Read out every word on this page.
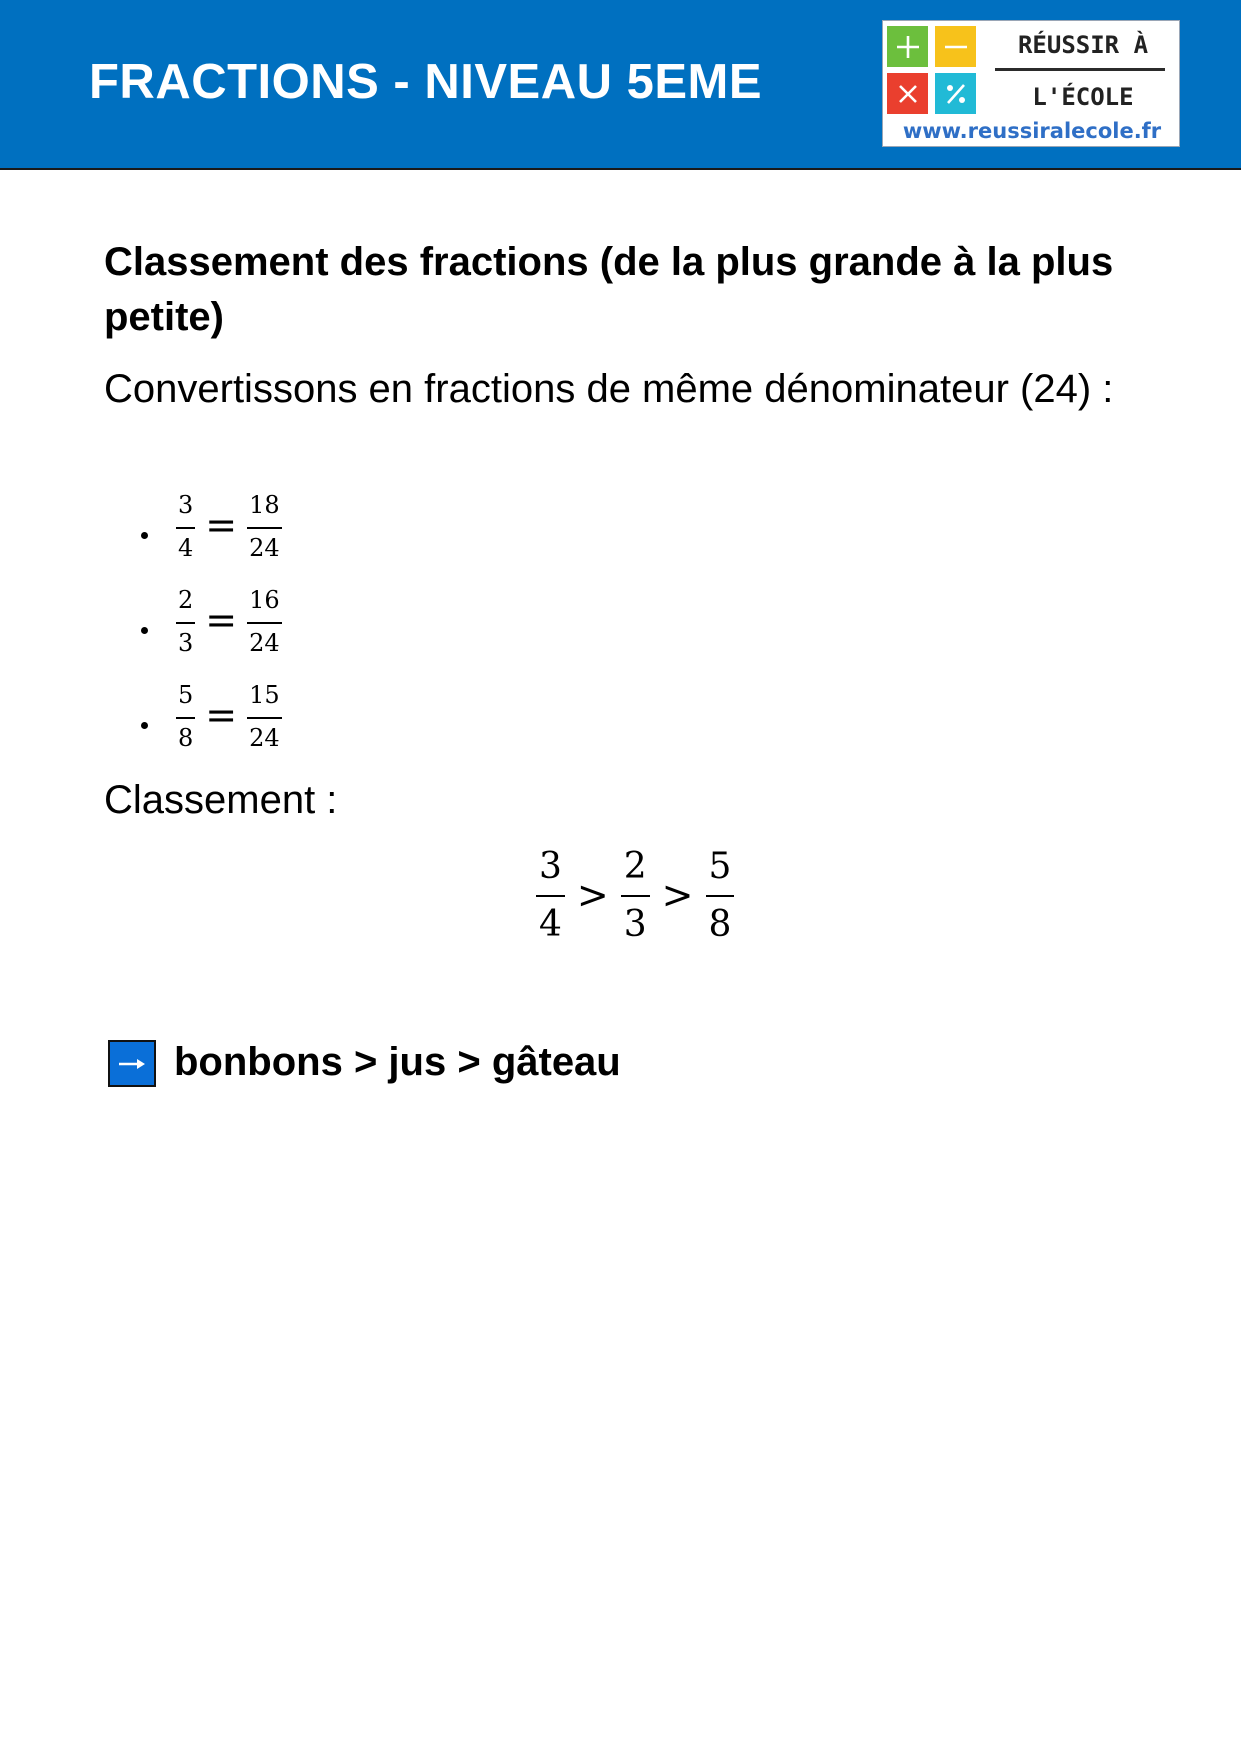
FRACTIONS - NIVEAU 5EME
RÉUSSIR À
L'ÉCOLE
www.reussiralecole.fr
Classement des fractions (de la plus grande à la plus petite)

Convertissons en fractions de même dénominateur (24) :

$\frac{3}{4} = \frac{18}{24}$
$\frac{2}{3} = \frac{16}{24}$
$\frac{5}{8} = \frac{15}{24}$

Classement :

$\frac{3}{4} > \frac{2}{3} > \frac{5}{8}$
bonbons > jus > gâteau
